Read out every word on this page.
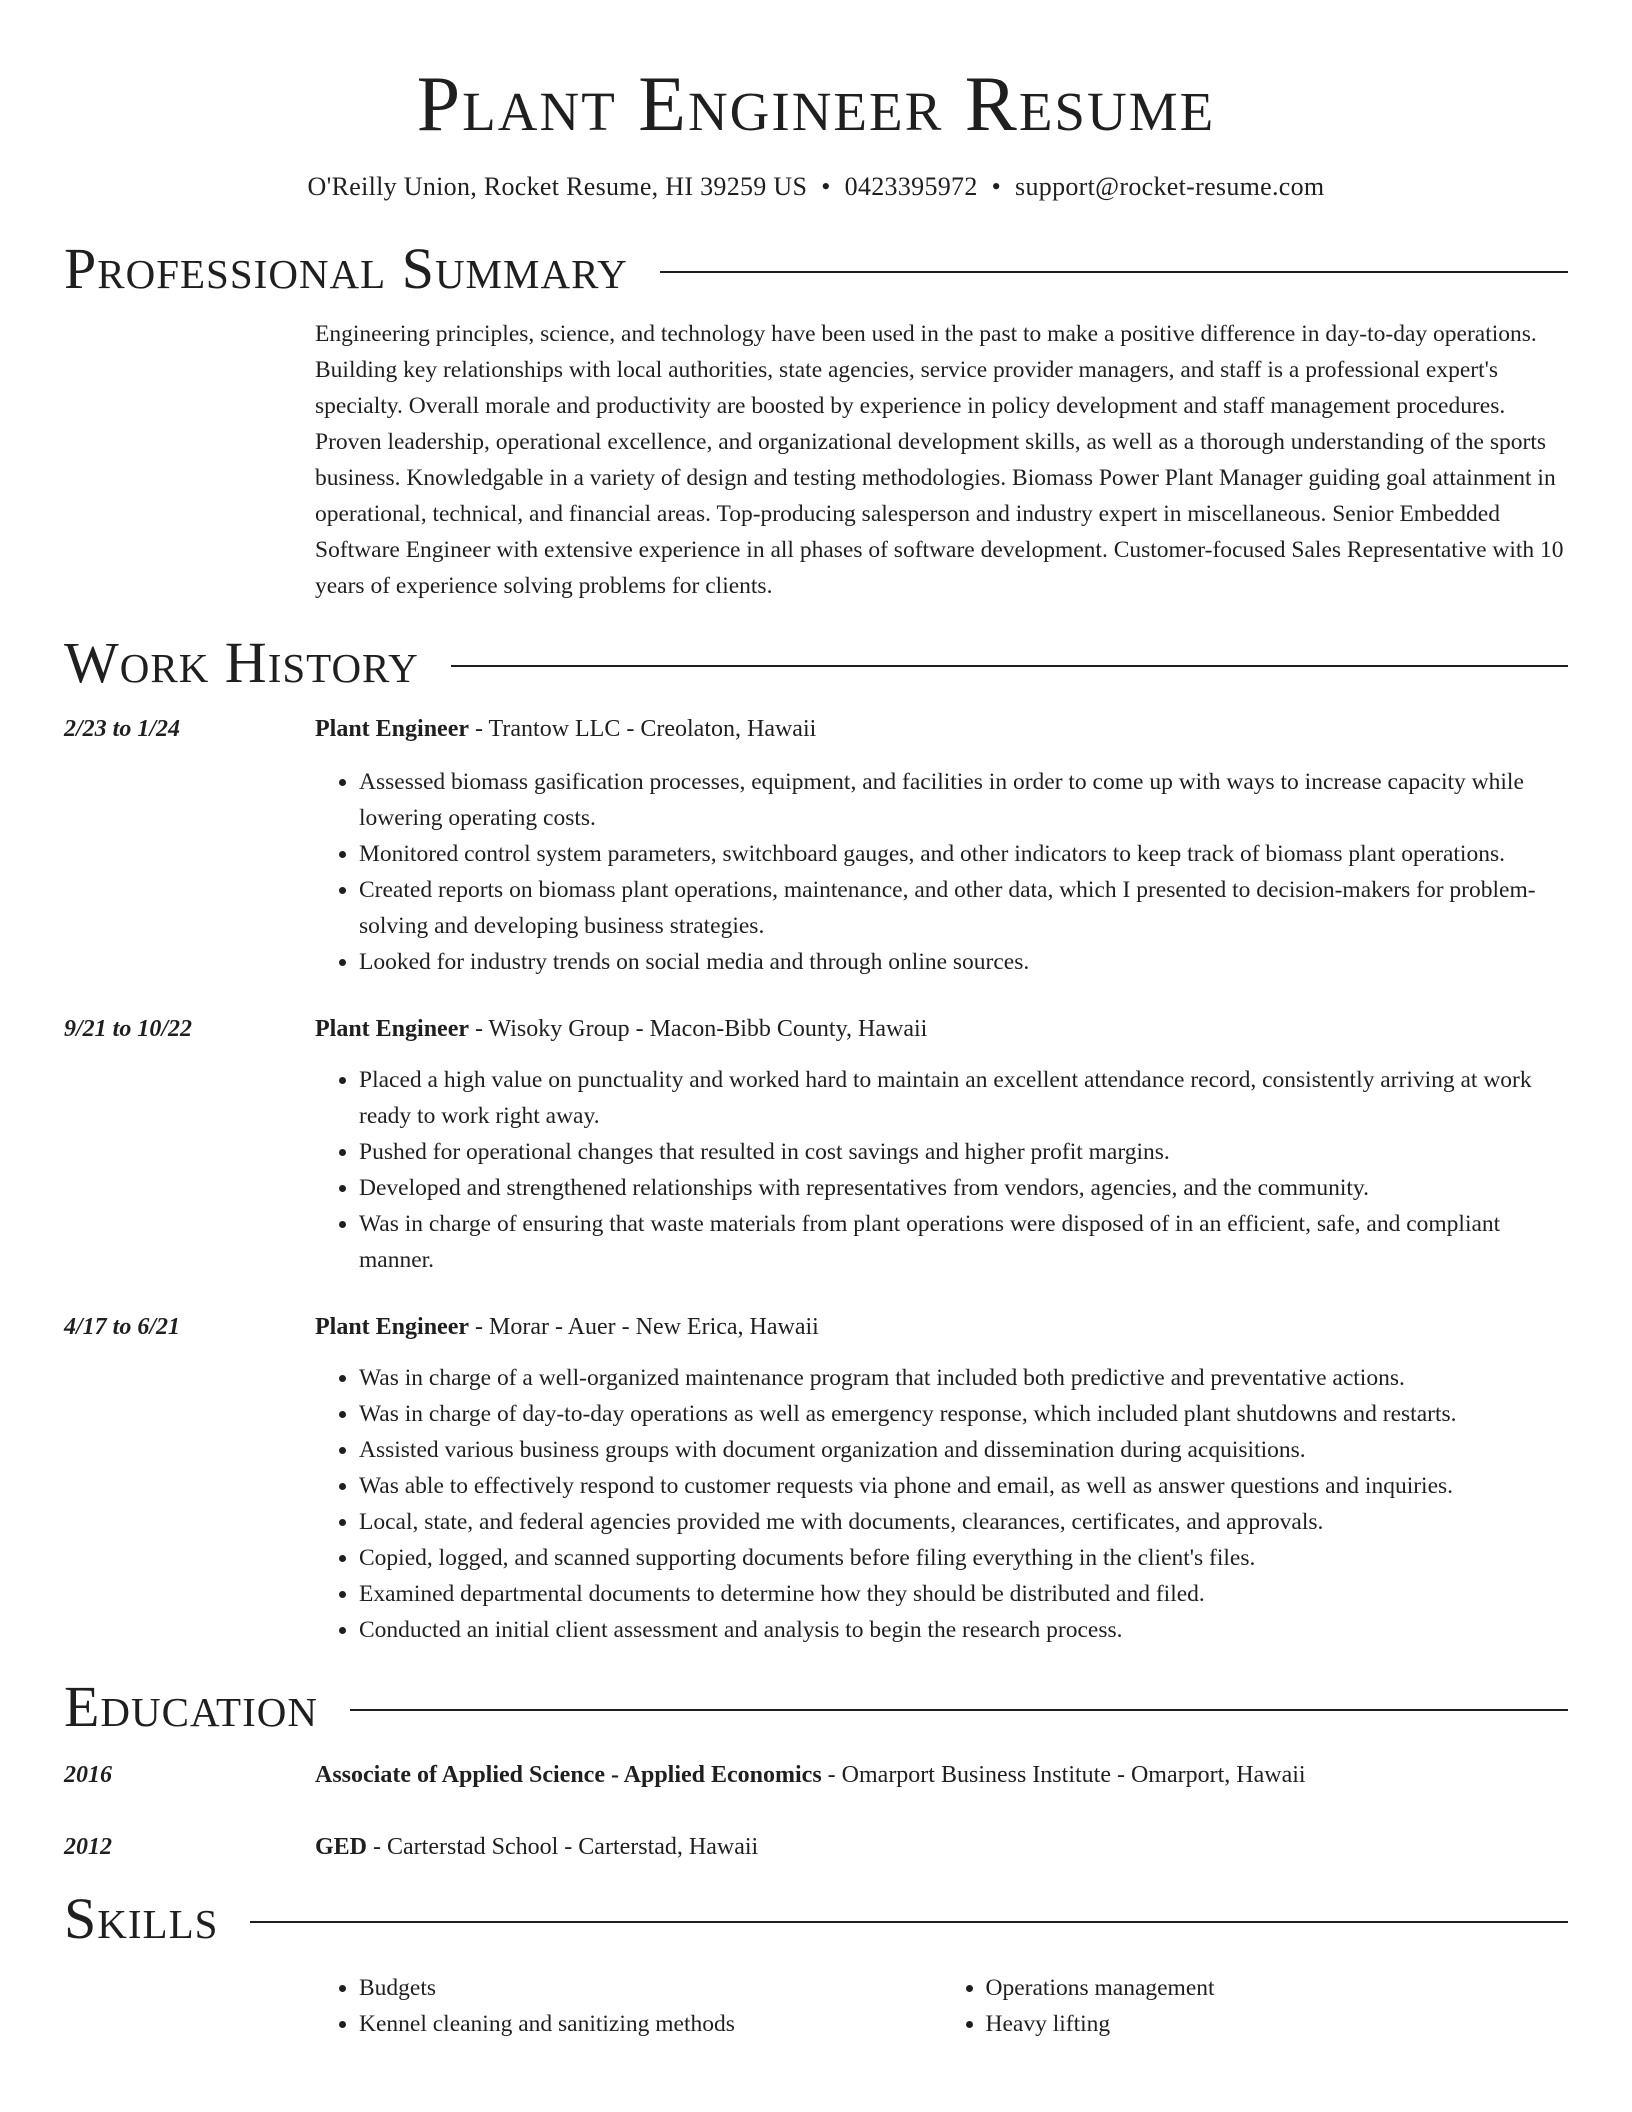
Plant Engineer Resume
O'Reilly Union, Rocket Resume, HI 39259 US • 0423395972 • support@rocket-resume.com
Professional Summary
Engineering principles, science, and technology have been used in the past to make a positive difference in day-to-day operations. Building key relationships with local authorities, state agencies, service provider managers, and staff is a professional expert's specialty. Overall morale and productivity are boosted by experience in policy development and staff management procedures. Proven leadership, operational excellence, and organizational development skills, as well as a thorough understanding of the sports business. Knowledgable in a variety of design and testing methodologies. Biomass Power Plant Manager guiding goal attainment in operational, technical, and financial areas. Top-producing salesperson and industry expert in miscellaneous. Senior Embedded Software Engineer with extensive experience in all phases of software development. Customer-focused Sales Representative with 10 years of experience solving problems for clients.
Work History
2/23 to 1/24	Plant Engineer - Trantow LLC - Creolaton, Hawaii
• Assessed biomass gasification processes, equipment, and facilities in order to come up with ways to increase capacity while lowering operating costs.
• Monitored control system parameters, switchboard gauges, and other indicators to keep track of biomass plant operations.
• Created reports on biomass plant operations, maintenance, and other data, which I presented to decision-makers for problem-solving and developing business strategies.
• Looked for industry trends on social media and through online sources.
9/21 to 10/22	Plant Engineer - Wisoky Group - Macon-Bibb County, Hawaii
• Placed a high value on punctuality and worked hard to maintain an excellent attendance record, consistently arriving at work ready to work right away.
• Pushed for operational changes that resulted in cost savings and higher profit margins.
• Developed and strengthened relationships with representatives from vendors, agencies, and the community.
• Was in charge of ensuring that waste materials from plant operations were disposed of in an efficient, safe, and compliant manner.
4/17 to 6/21	Plant Engineer - Morar - Auer - New Erica, Hawaii
• Was in charge of a well-organized maintenance program that included both predictive and preventative actions.
• Was in charge of day-to-day operations as well as emergency response, which included plant shutdowns and restarts.
• Assisted various business groups with document organization and dissemination during acquisitions.
• Was able to effectively respond to customer requests via phone and email, as well as answer questions and inquiries.
• Local, state, and federal agencies provided me with documents, clearances, certificates, and approvals.
• Copied, logged, and scanned supporting documents before filing everything in the client's files.
• Examined departmental documents to determine how they should be distributed and filed.
• Conducted an initial client assessment and analysis to begin the research process.
Education
2016	Associate of Applied Science - Applied Economics - Omarport Business Institute - Omarport, Hawaii
2012	GED - Carterstad School - Carterstad, Hawaii
Skills
• Budgets
• Kennel cleaning and sanitizing methods
• Operations management
• Heavy lifting
